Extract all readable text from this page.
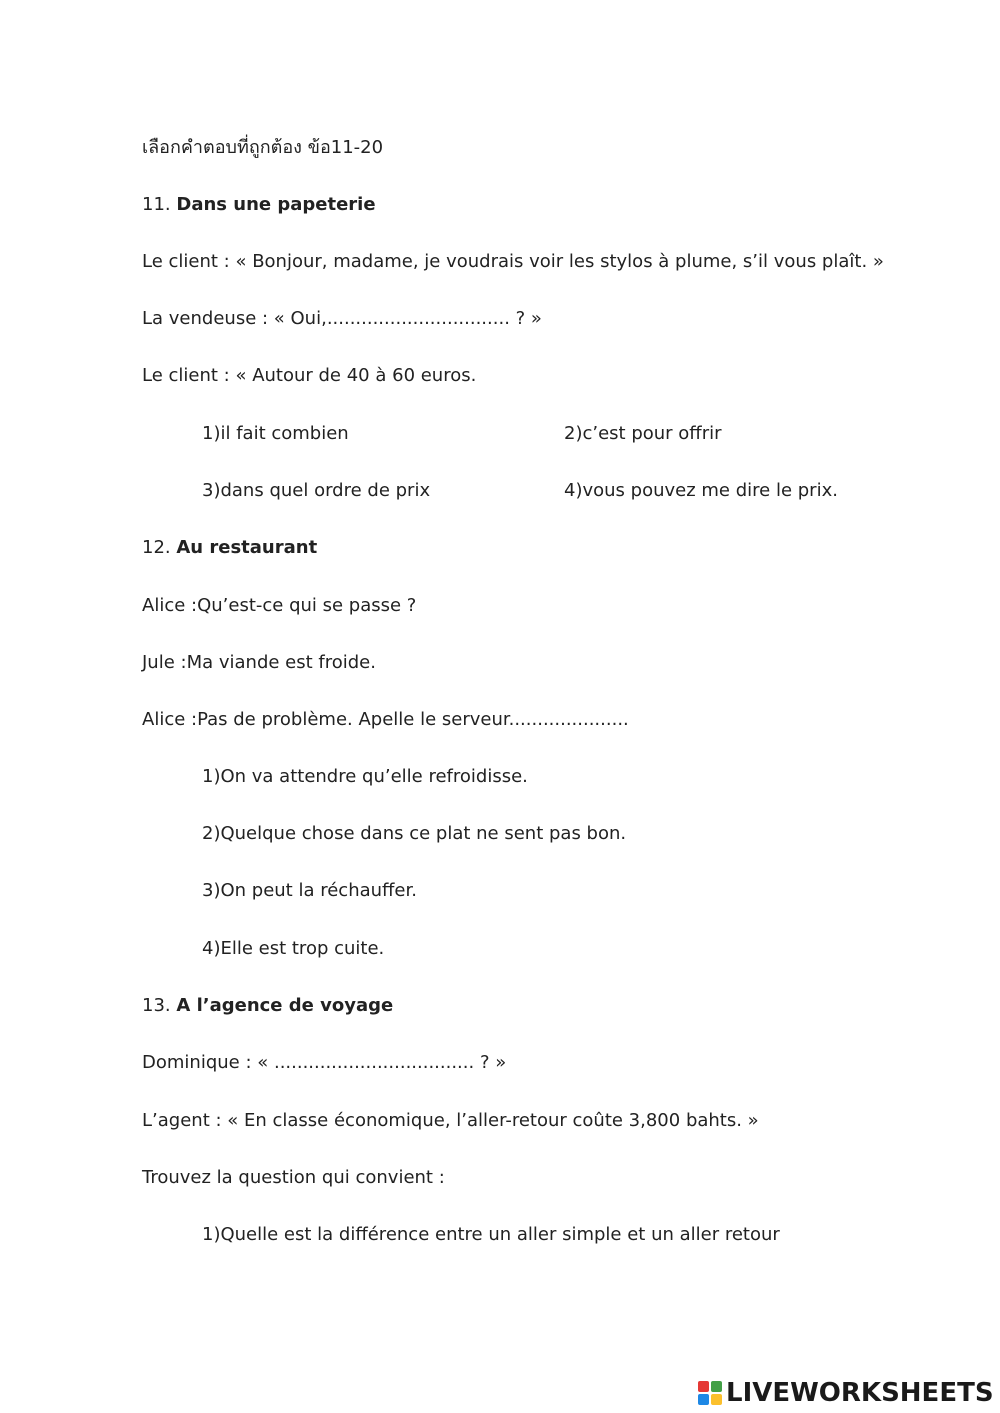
เลือกคำตอบที่ถูกต้อง ข้อ11-20
11. Dans une papeterie
Le client : « Bonjour, madame, je voudrais voir les stylos à plume, s’il vous plaît. »
La vendeuse : « Oui,................................ ? »
Le client : « Autour de 40 à 60 euros.
1)il fait combien	2)c’est pour offrir
3)dans quel ordre de prix	4)vous pouvez me dire le prix.
12. Au restaurant
Alice :Qu’est-ce qui se passe ?
Jule :Ma viande est froide.
Alice :Pas de problème. Apelle le serveur.....................
1)On va attendre qu’elle refroidisse.
2)Quelque chose dans ce plat ne sent pas bon.
3)On peut la réchauffer.
4)Elle est trop cuite.
13. A l’agence de voyage
Dominique : « ................................... ? »
L’agent : « En classe économique, l’aller-retour coûte 3,800 bahts. »
Trouvez la question qui convient :
1)Quelle est la différence entre un aller simple et un aller retour
LIVEWORKSHEETS
